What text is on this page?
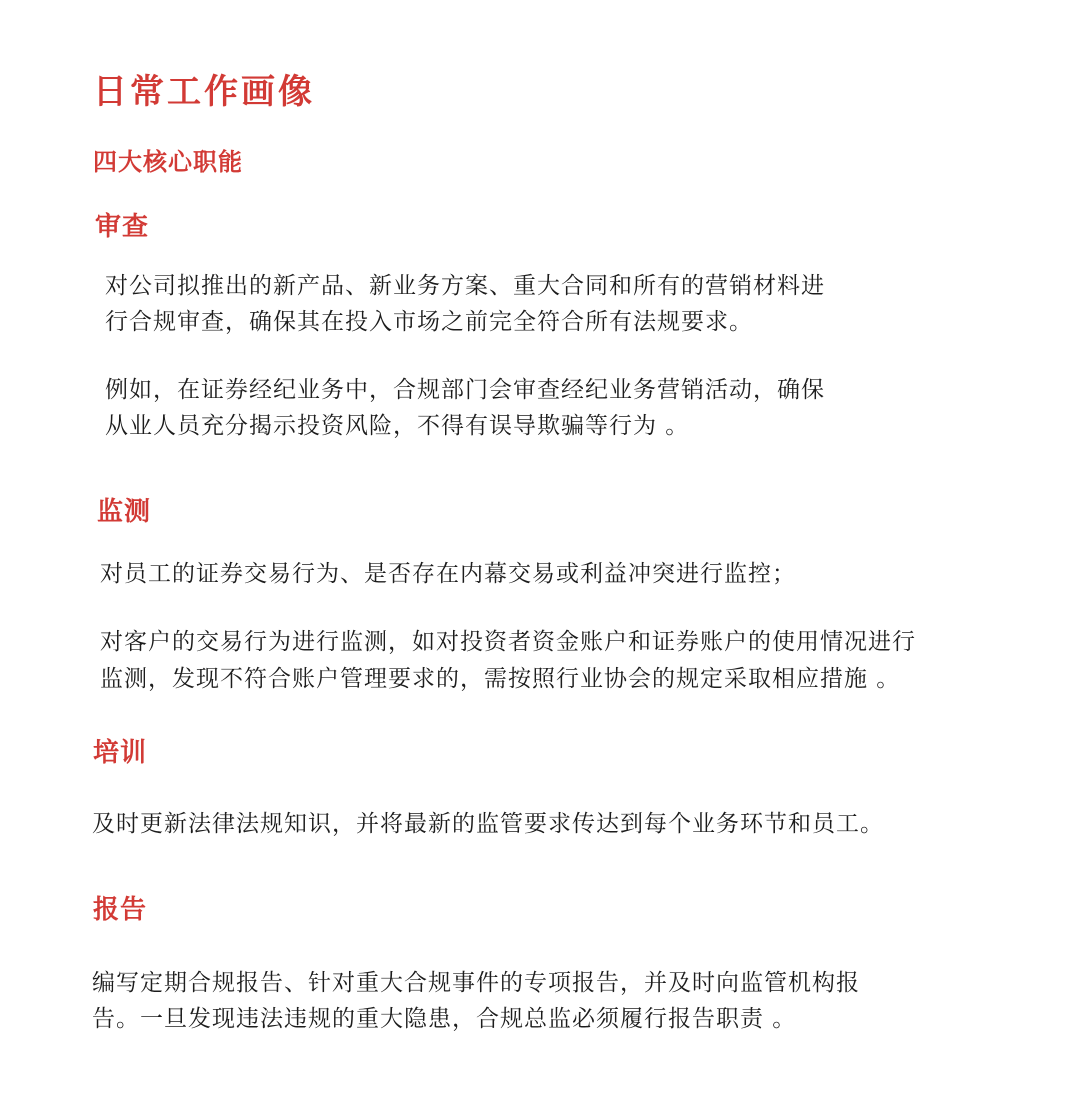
日常工作画像
四大核心职能
审查

对公司拟推出的新产品、新业务方案、重大合同和所有的营销材料进

行合规审查，确保其在投入市场之前完全符合所有法规要求。

例如，在证券经纪业务中，合规部门会审查经纪业务营销活动，确保

从业人员充分揭示投资风险，不得有误导欺骗等行为 。

监测

对员工的证券交易行为、是否存在内幕交易或利益冲突进行监控；

对客户的交易行为进行监测，如对投资者资金账户和证券账户的使用情况进行

监测，发现不符合账户管理要求的，需按照行业协会的规定采取相应措施 。

培训

及时更新法律法规知识，并将最新的监管要求传达到每个业务环节和员工。

报告

编写定期合规报告、针对重大合规事件的专项报告，并及时向监管机构报

告。一旦发现违法违规的重大隐患，合规总监必须履行报告职责 。
